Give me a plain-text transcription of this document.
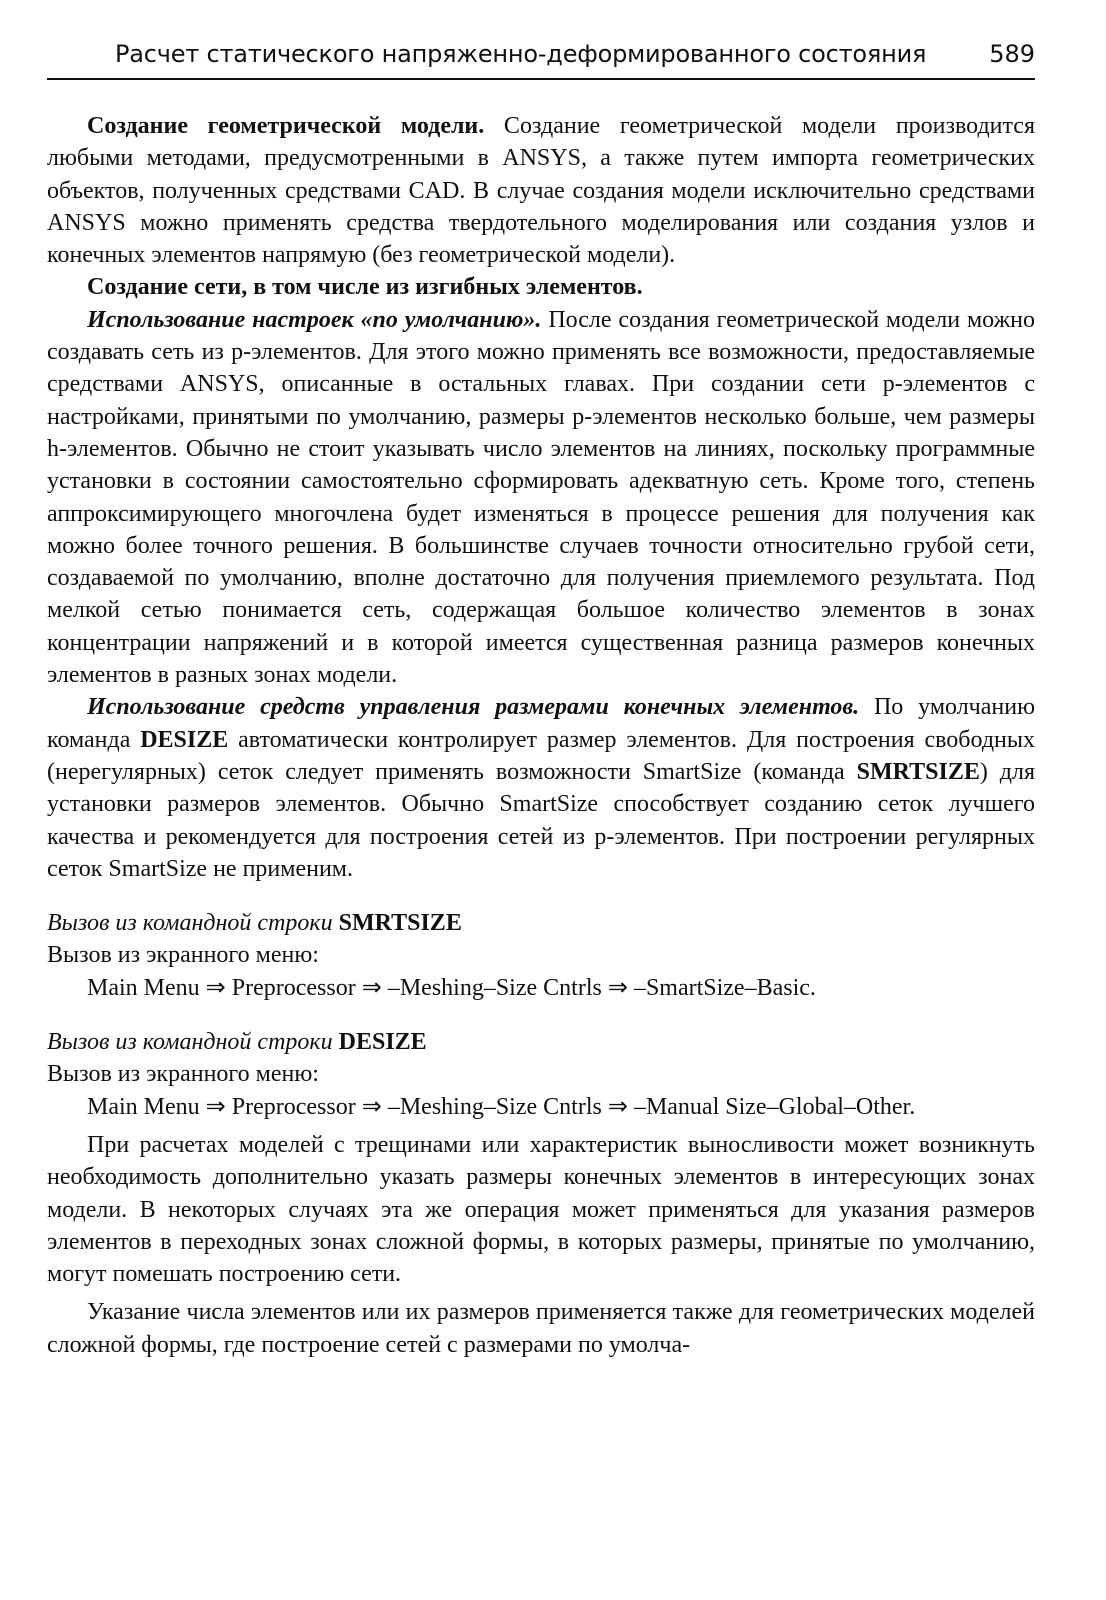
Расчет статического напряженно-деформированного состояния	589

Создание геометрической модели. Создание геометрической модели производится любыми методами, предусмотренными в ANSYS, а также путем импорта геометрических объектов, полученных средствами CAD. В случае создания модели исключительно средствами ANSYS можно применять средства твердотельного моделирования или создания узлов и конечных элементов напрямую (без геометрической модели).

Создание сети, в том числе из изгибных элементов.

Использование настроек «по умолчанию». После создания геометрической модели можно создавать сеть из p-элементов. Для этого можно применять все возможности, предоставляемые средствами ANSYS, описанные в остальных главах. При создании сети p-элементов с настройками, принятыми по умолчанию, размеры p-элементов несколько больше, чем размеры h-элементов. Обычно не стоит указывать число элементов на линиях, поскольку программные установки в состоянии самостоятельно сформировать адекватную сеть. Кроме того, степень аппроксимирующего многочлена будет изменяться в процессе решения для получения как можно более точного решения. В большинстве случаев точности относительно грубой сети, создаваемой по умолчанию, вполне достаточно для получения приемлемого результата. Под мелкой сетью понимается сеть, содержащая большое количество элементов в зонах концентрации напряжений и в которой имеется существенная разница размеров конечных элементов в разных зонах модели.

Использование средств управления размерами конечных элементов. По умолчанию команда DESIZE автоматически контролирует размер элементов. Для построения свободных (нерегулярных) сеток следует применять возможности SmartSize (команда SMRTSIZE) для установки размеров элементов. Обычно SmartSize способствует созданию сеток лучшего качества и рекомендуется для построения сетей из p-элементов. При построении регулярных сеток SmartSize не применим.

Вызов из командной строки SMRTSIZE

Вызов из экранного меню:

Main Menu ⇒ Preprocessor ⇒ –Meshing–Size Cntrls ⇒ –SmartSize–Basic.

Вызов из командной строки DESIZE

Вызов из экранного меню:

Main Menu ⇒ Preprocessor ⇒ –Meshing–Size Cntrls ⇒ –Manual Size–Global–Other.

При расчетах моделей с трещинами или характеристик выносливости может возникнуть необходимость дополнительно указать размеры конечных элементов в интересующих зонах модели. В некоторых случаях эта же операция может применяться для указания размеров элементов в переходных зонах сложной формы, в которых размеры, принятые по умолчанию, могут помешать построению сети.

Указание числа элементов или их размеров применяется также для геометрических моделей сложной формы, где построение сетей с размерами по умолча-
